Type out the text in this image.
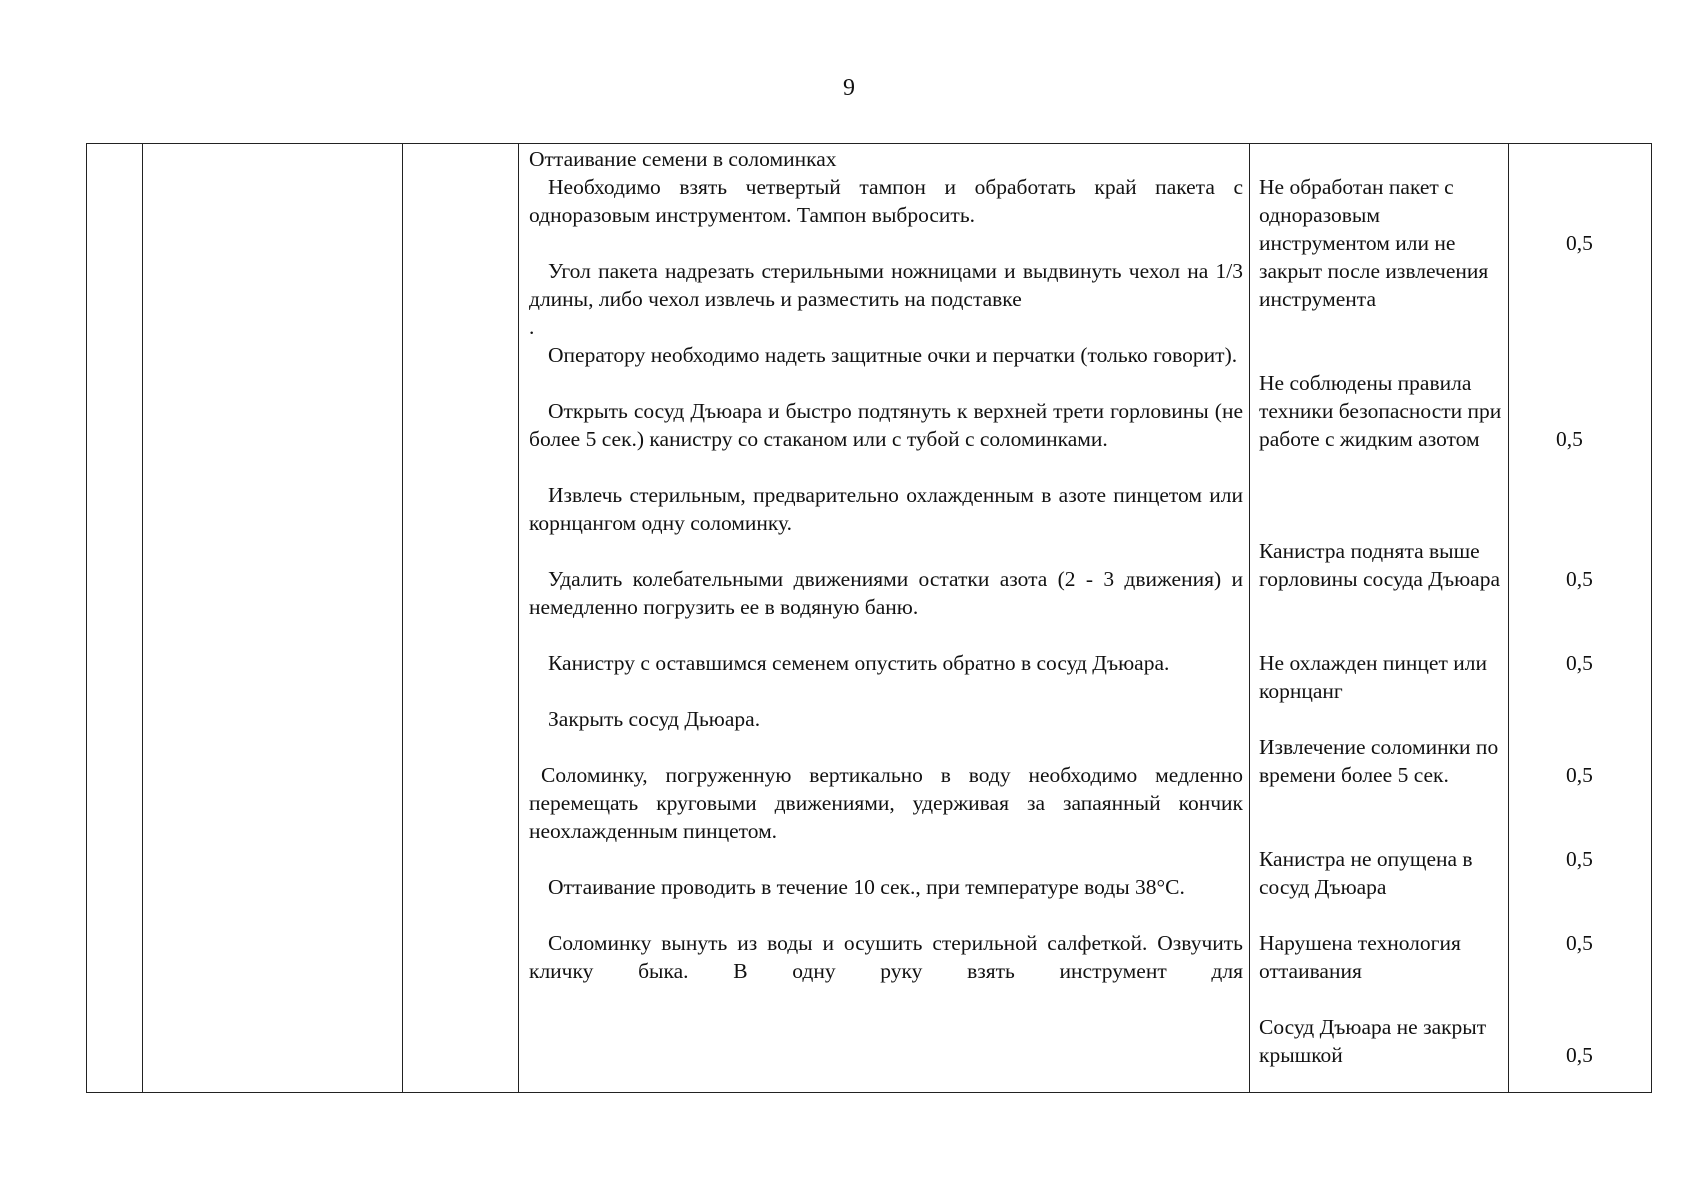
9

Оттаивание семени в соломинках

Необходимо взять четвертый тампон и обработать край пакета с одноразовым инструментом. Тампон выбросить.

Угол пакета надрезать стерильными ножницами и выдвинуть чехол на 1/3 длины, либо чехол извлечь и разместить на подставке

.

Оператору необходимо надеть защитные очки и перчатки (только говорит).

Открыть сосуд Дъюара и быстро подтянуть к верхней трети горловины (не более 5 сек.) канистру со стаканом или с тубой с соломинками.

Извлечь стерильным, предварительно охлажденным в азоте пинцетом или корнцангом одну соломинку.

Удалить колебательными движениями остатки азота (2 - 3 движения) и немедленно погрузить ее в водяную баню.

Канистру с оставшимся семенем опустить обратно в сосуд Дъюара.

Закрыть сосуд Дьюара.

Соломинку, погруженную вертикально в воду необходимо медленно перемещать круговыми движениями, удерживая за запаянный кончик неохлажденным пинцетом.

Оттаивание проводить в течение 10 сек., при температуре воды 38°С.

Соломинку вынуть из воды и осушить стерильной салфеткой. Озвучить кличку быка. В одну руку взять инструмент для

Не обработан пакет с одноразовым инструментом или не закрыт после извлечения инструмента

Не соблюдены правила техники безопасности при работе с жидким азотом

Канистра поднята выше горловины сосуда Дъюара

Не охлажден пинцет или корнцанг

Извлечение соломинки по времени более 5 сек.

Канистра не опущена в сосуд Дъюара

Нарушена технология оттаивания

Сосуд Дъюара не закрыт крышкой

0,5

0,5

0,5

0,5

0,5

0,5

0,5

0,5
